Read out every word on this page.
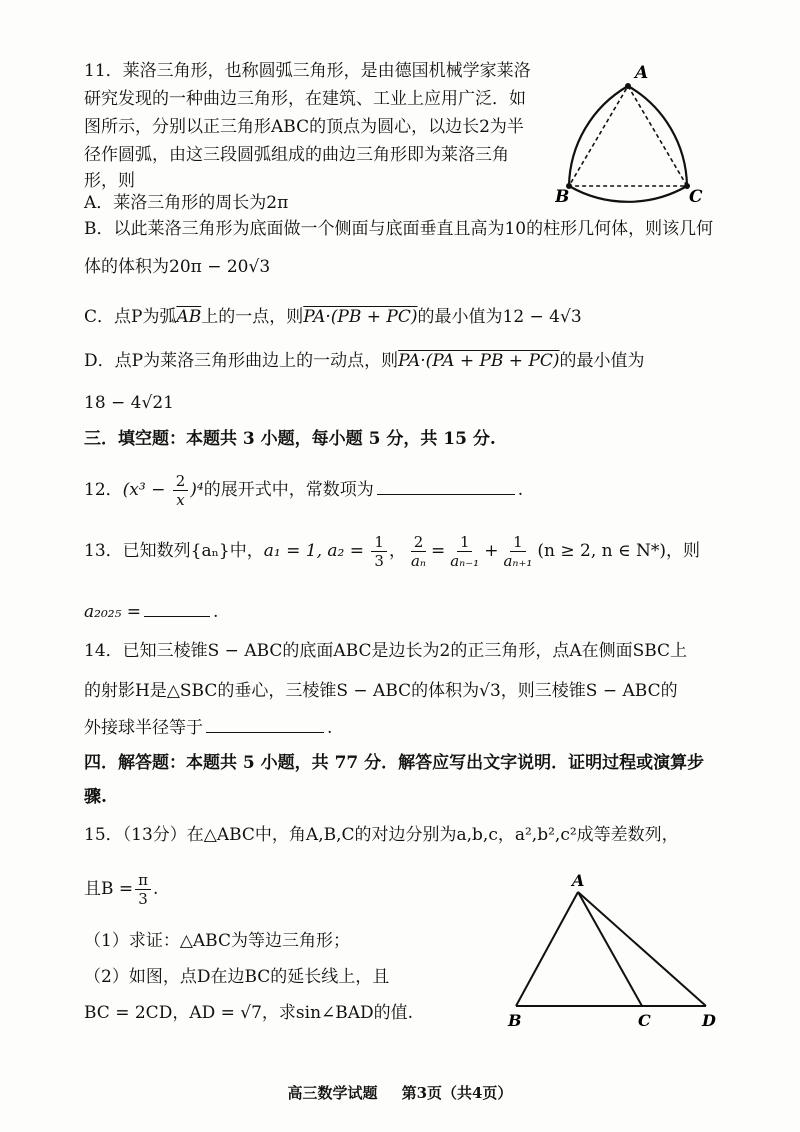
11．莱洛三角形，也称圆弧三角形，是由德国机械学家莱洛
研究发现的一种曲边三角形，在建筑、工业上应用广泛．如
图所示，分别以正三角形ABC的顶点为圆心，以边长2为半
径作圆弧，由这三段圆弧组成的曲边三角形即为莱洛三角
形，则
A．莱洛三角形的周长为2π
B．以此莱洛三角形为底面做一个侧面与底面垂直且高为10的柱形几何体，则该几何
体的体积为20π − 20√3
C．点P为弧$\overline{AB}$上的一点，则PA·(PB + PC)的最小值为12 − 4√3
D．点P为莱洛三角形曲边上的一动点，则PA·(PA + PB + PC)的最小值为
18 − 4√21
A
B	C
三．填空题：本题共 3 小题，每小题 5 分，共 15 分.
12．$(x^3 - \frac{2}{x} )^4$的展开式中，常数项为	.
13．已知数列{aₙ}中，a₁ = 1, $a_2 = \frac{1}{3}$ ， $\frac{2}{\text{aₙ}} = \frac{1}{\text{aₙ₋₁}} + \frac{1}{\text{aₙ₊₁}} (n \ge 2$, n ∈ N*)，则
a₂₀₂₅ =	.
14．已知三棱锥S − ABC的底面ABC是边长为2的正三角形，点A在侧面SBC上
的射影H是△SBC的垂心，三棱锥S − ABC的体积为√3，则三棱锥S − ABC的
外接球半径等于	.
四．解答题：本题共 5 小题，共 77 分．解答应写出文字说明．证明过程或演算步
骤.
15．（13分）在△ABC中，角A,B,C的对边分别为a,b,c，a²,b²,c²成等差数列，
且$B = \frac{\pi}{3}$ .
（1）求证：△ABC为等边三角形；
（2）如图，点D在边BC的延长线上，且
BC = 2CD，AD = √7，求sin∠BAD的值.
A
B	C	D
高三数学试题 第3页（共4页）
